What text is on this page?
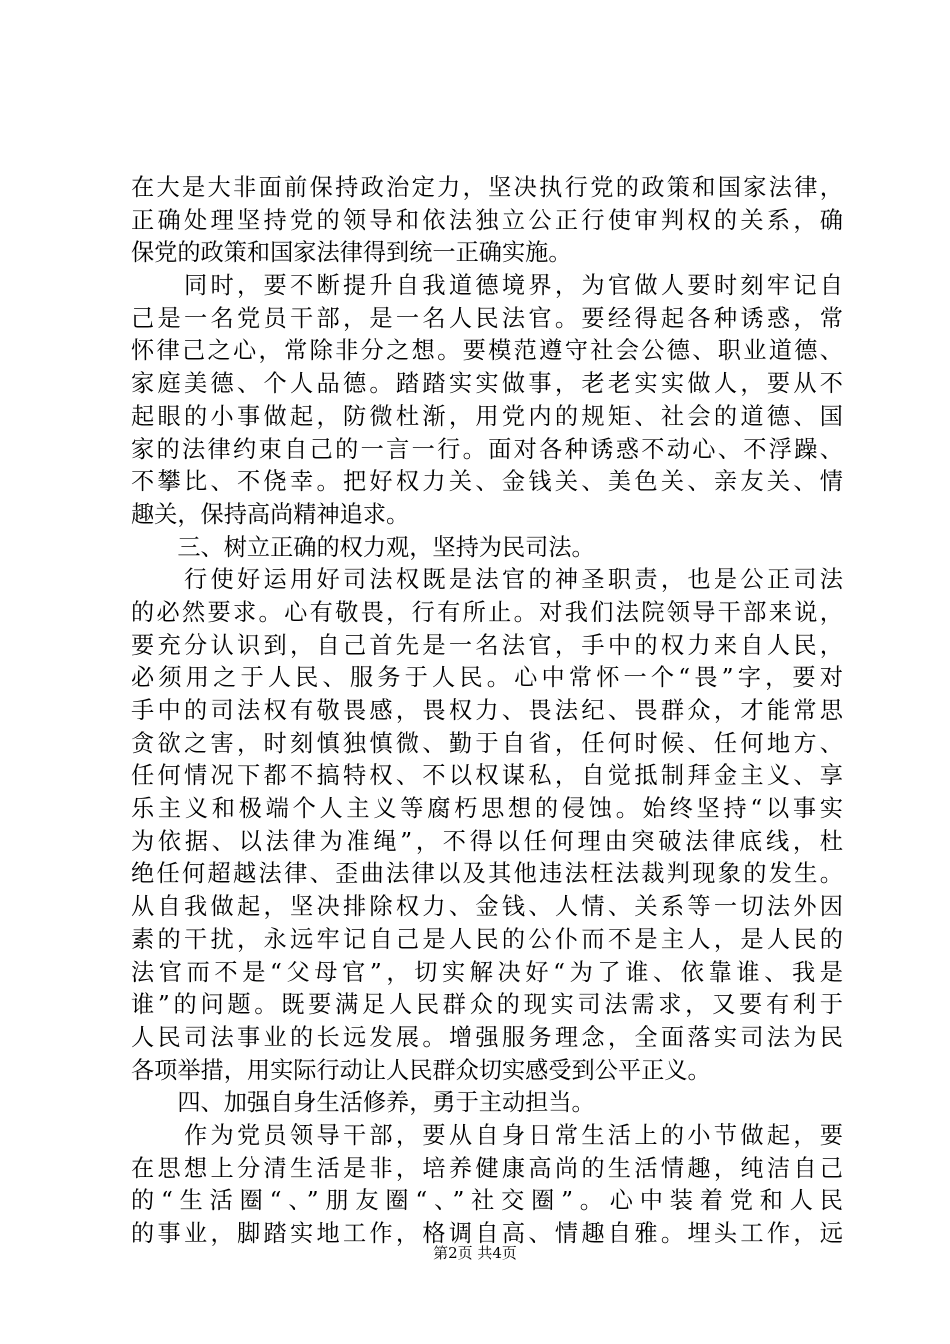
在大是大非面前保持政治定力，坚决执行党的政策和国家法律，
正确处理坚持党的领导和依法独立公正行使审判权的关系，确
保党的政策和国家法律得到统一正确实施。
　　同时，要不断提升自我道德境界，为官做人要时刻牢记自
己是一名党员干部，是一名人民法官。要经得起各种诱惑，常
怀律己之心，常除非分之想。要模范遵守社会公德、职业道德、
家庭美德、个人品德。踏踏实实做事，老老实实做人，要从不
起眼的小事做起，防微杜渐，用党内的规矩、社会的道德、国
家的法律约束自己的一言一行。面对各种诱惑不动心、不浮躁、
不攀比、不侥幸。把好权力关、金钱关、美色关、亲友关、情
趣关，保持高尚精神追求。
　　三、树立正确的权力观，坚持为民司法。
　　行使好运用好司法权既是法官的神圣职责，也是公正司法
的必然要求。心有敬畏，行有所止。对我们法院领导干部来说，
要充分认识到，自己首先是一名法官，手中的权力来自人民，
必须用之于人民、服务于人民。心中常怀一个“畏”字，要对
手中的司法权有敬畏感，畏权力、畏法纪、畏群众，才能常思
贪欲之害，时刻慎独慎微、勤于自省，任何时候、任何地方、
任何情况下都不搞特权、不以权谋私，自觉抵制拜金主义、享
乐主义和极端个人主义等腐朽思想的侵蚀。始终坚持“以事实
为依据、以法律为准绳”，不得以任何理由突破法律底线，杜
绝任何超越法律、歪曲法律以及其他违法枉法裁判现象的发生。
从自我做起，坚决排除权力、金钱、人情、关系等一切法外因
素的干扰，永远牢记自己是人民的公仆而不是主人，是人民的
法官而不是“父母官”，切实解决好“为了谁、依靠谁、我是
谁”的问题。既要满足人民群众的现实司法需求，又要有利于
人民司法事业的长远发展。增强服务理念，全面落实司法为民
各项举措，用实际行动让人民群众切实感受到公平正义。
　　四、加强自身生活修养，勇于主动担当。
　　作为党员领导干部，要从自身日常生活上的小节做起，要
在思想上分清生活是非，培养健康高尚的生活情趣，纯洁自己
的“生活圈“、”朋友圈“、”社交圈”。心中装着党和人民
的事业，脚踏实地工作，格调自高、情趣自雅。埋头工作，远
第2页 共4页
